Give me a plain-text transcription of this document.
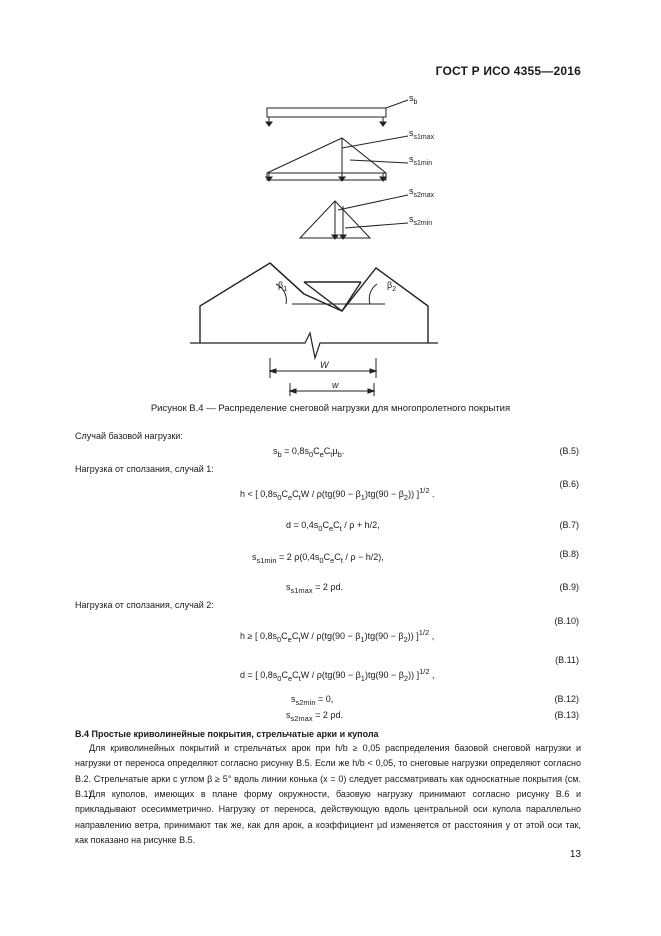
ГОСТ Р ИСО 4355—2016
$s_b$
$s_{s1max}$
$s_{s1min}$
$s_{s2max}$
$s_{s2min}$
$\beta_1$	$\beta_2$
W
w
Рисунок В.4 — Распределение снеговой нагрузки для многопролетного покрытия
Случай базовой нагрузки:
$s_b = 0,8s_0C_eC_t\mu_b$.	(В.5)
Нагрузка от сползания, случай 1:
h < [ $0,8s_0C_eC_tW / \rho(tg(90 - \beta_1)tg(90 - \beta_2))$ ]$^{1/2}$ .
(В.6)
$d = 0,4s_0C_eC_t / \rho + h/2$,	(В.7)
$s_{s1min} = 2$ $\rho(0,4s_0C_eC_t / \rho - h/2)$,	(В.8)
$s_{s1max} = 2$ ρd.	(В.9)
Нагрузка от сползания, случай 2:
h ≥ [ $0,8s_0C_eC_tW / \rho(tg(90 - \beta_1)tg(90 - \beta_2))$ ]$^{1/2}$ ,
(В.10)
d = [ $0,8s_0C_eC_tW / \rho(tg(90 - \beta_1)tg(90 - \beta_2))$ ]$^{1/2}$ ,
(В.11)
$s_{s2min} = 0$,	(В.12)
$s_{s2max} = 2$ ρd.	(В.13)
В.4 Простые криволинейные покрытия, стрельчатые арки и купола

Для криволинейных покрытий и стрельчатых арок при h/b ≥ 0,05 распределения базовой снеговой нагрузки и нагрузки от переноса определяют согласно рисунку В.5. Если же h/b < 0,05, то снеговые нагрузки определяют согласно В.2. Стрельчатые арки с углом β ≥ 5° вдоль линии конька (x = 0) следует рассматривать как односкатные покрытия (см. В.1).

Для куполов, имеющих в плане форму окружности, базовую нагрузку принимают согласно рисунку В.6 и прикладывают осесимметрично. Нагрузку от переноса, действующую вдоль центральной оси купола параллельно направлению ветра, принимают так же, как для арок, а коэффициент μd изменяется от расстояния y от этой оси так, как показано на рисунке В.5.

13
